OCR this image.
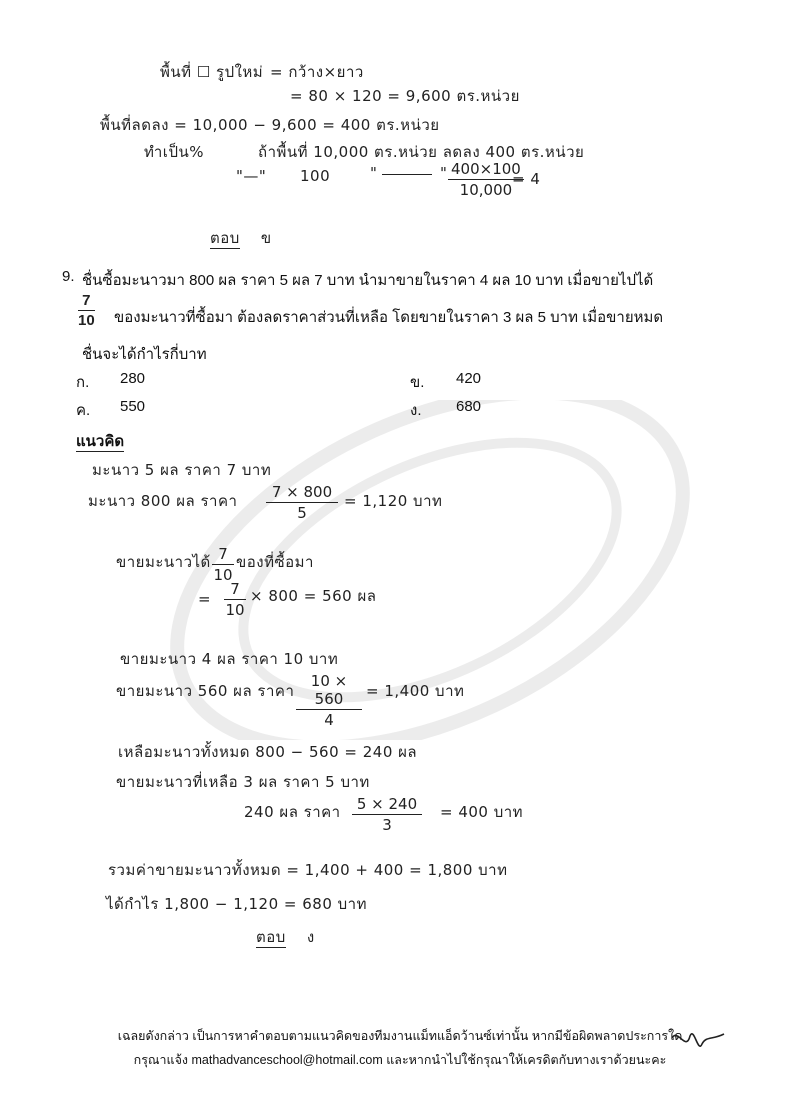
พื้นที่ ☐ รูปใหม่ = กว้าง×ยาว
= 80 × 120 = 9,600 ตร.หน่วย
พื้นที่ลดลง = 10,000 − 9,600 = 400 ตร.หน่วย
ทำเป็น%	ถ้าพื้นที่ 10,000 ตร.หน่วย ลดลง 400 ตร.หน่วย
"—" 100	"	" $\frac{400\times 100}{10,000}$
= 4
ตอบ ข
9. ชื่นซื้อมะนาวมา 800 ผล ราคา 5 ผล 7 บาท นำมาขายในราคา 4 ผล 10 บาท เมื่อขายไปได้
$\frac{7}{10}$ ของมะนาวที่ซื้อมา ต้องลดราคาส่วนที่เหลือ โดยขายในราคา 3 ผล 5 บาท เมื่อขายหมด
ชื่นจะได้กำไรกี่บาท
ก. 280	ข. 420
ค. 550	ง. 680
แนวคิด
มะนาว 5 ผล ราคา 7 บาท
มะนาว 800 ผล ราคา $\frac{7 \times 800}{5} = 1,120$ บาท
ขายมะนาวได้ $\frac{7}{10}$ ของที่ซื้อมา
= $\frac{7}{10} \times 800 = 560$ ผล
ขายมะนาว 4 ผล ราคา 10 บาท
ขายมะนาว 560 ผล ราคา $\frac{10 \times 560}{4} = 1,400$ บาท
เหลือมะนาวทั้งหมด 800 − 560 = 240 ผล
ขายมะนาวที่เหลือ 3 ผล ราคา 5 บาท
240 ผล ราคา $\frac{5 \times 240}{3} = 400$ บาท
รวมค่าขายมะนาวทั้งหมด = 1,400 + 400 = 1,800 บาท
ได้กำไร 1,800 − 1,120 = 680 บาท
ตอบ ง
เฉลยดังกล่าว เป็นการหาคำตอบตามแนวคิดของทีมงานแม็ทแอ็ดว้านซ์เท่านั้น หากมีข้อผิดพลาดประการใด
กรุณาแจ้ง mathadvanceschool@hotmail.com และหากนำไปใช้กรุณาให้เครดิตกับทางเราด้วยนะคะ
